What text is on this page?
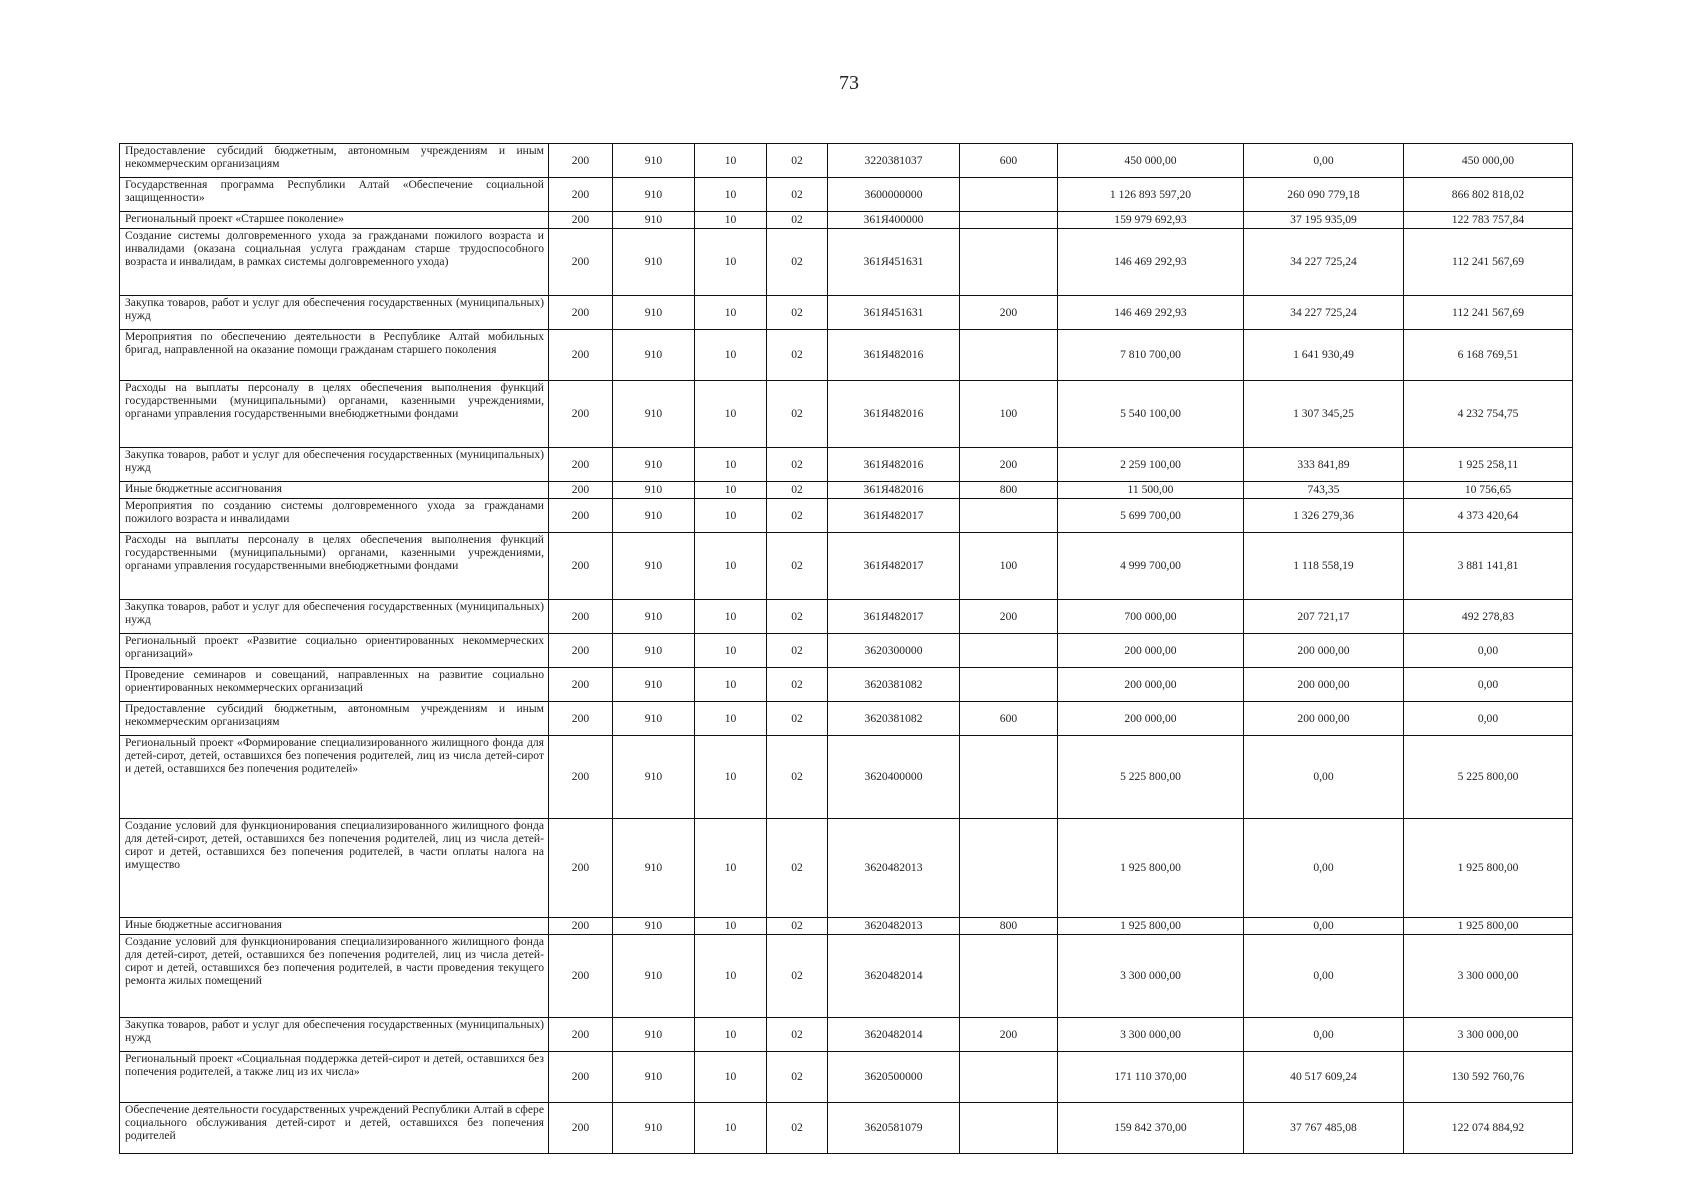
73
Предоставление субсидий бюджетным, автономным учреждениям и иным некоммерческим организациям	200	910	10	02	3220381037	600	450 000,00	0,00	450 000,00
Государственная программа Республики Алтай «Обеспечение социальной защищенности»	200	910	10	02	3600000000		1 126 893 597,20	260 090 779,18	866 802 818,02
Региональный проект «Старшее поколение»	200	910	10	02	361Я400000		159 979 692,93	37 195 935,09	122 783 757,84
Создание системы долговременного ухода за гражданами пожилого возраста и инвалидами (оказана социальная услуга гражданам старше трудоспособного возраста и инвалидам, в рамках системы долговременного ухода)	200	910	10	02	361Я451631		146 469 292,93	34 227 725,24	112 241 567,69
Закупка товаров, работ и услуг для обеспечения государственных (муниципальных) нужд	200	910	10	02	361Я451631	200	146 469 292,93	34 227 725,24	112 241 567,69
Мероприятия по обеспечению деятельности в Республике Алтай мобильных бригад, направленной на оказание помощи гражданам старшего поколения	200	910	10	02	361Я482016		7 810 700,00	1 641 930,49	6 168 769,51
Расходы на выплаты персоналу в целях обеспечения выполнения функций государственными (муниципальными) органами, казенными учреждениями, органами управления государственными внебюджетными фондами	200	910	10	02	361Я482016	100	5 540 100,00	1 307 345,25	4 232 754,75
Закупка товаров, работ и услуг для обеспечения государственных (муниципальных) нужд	200	910	10	02	361Я482016	200	2 259 100,00	333 841,89	1 925 258,11
Иные бюджетные ассигнования	200	910	10	02	361Я482016	800	11 500,00	743,35	10 756,65
Мероприятия по созданию системы долговременного ухода за гражданами пожилого возраста и инвалидами	200	910	10	02	361Я482017		5 699 700,00	1 326 279,36	4 373 420,64
Расходы на выплаты персоналу в целях обеспечения выполнения функций государственными (муниципальными) органами, казенными учреждениями, органами управления государственными внебюджетными фондами	200	910	10	02	361Я482017	100	4 999 700,00	1 118 558,19	3 881 141,81
Закупка товаров, работ и услуг для обеспечения государственных (муниципальных) нужд	200	910	10	02	361Я482017	200	700 000,00	207 721,17	492 278,83
Региональный проект «Развитие социально ориентированных некоммерческих организаций»	200	910	10	02	3620300000		200 000,00	200 000,00	0,00
Проведение семинаров и совещаний, направленных на развитие социально ориентированных некоммерческих организаций	200	910	10	02	3620381082		200 000,00	200 000,00	0,00
Предоставление субсидий бюджетным, автономным учреждениям и иным некоммерческим организациям	200	910	10	02	3620381082	600	200 000,00	200 000,00	0,00
Региональный проект «Формирование специализированного жилищного фонда для детей-сирот, детей, оставшихся без попечения родителей, лиц из числа детей-сирот и детей, оставшихся без попечения родителей»	200	910	10	02	3620400000		5 225 800,00	0,00	5 225 800,00
Создание условий для функционирования специализированного жилищного фонда для детей-сирот, детей, оставшихся без попечения родителей, лиц из числа детей-сирот и детей, оставшихся без попечения родителей, в части оплаты налога на имущество	200	910	10	02	3620482013		1 925 800,00	0,00	1 925 800,00
Иные бюджетные ассигнования	200	910	10	02	3620482013	800	1 925 800,00	0,00	1 925 800,00
Создание условий для функционирования специализированного жилищного фонда для детей-сирот, детей, оставшихся без попечения родителей, лиц из числа детей-сирот и детей, оставшихся без попечения родителей, в части проведения текущего ремонта жилых помещений	200	910	10	02	3620482014		3 300 000,00	0,00	3 300 000,00
Закупка товаров, работ и услуг для обеспечения государственных (муниципальных) нужд	200	910	10	02	3620482014	200	3 300 000,00	0,00	3 300 000,00
Региональный проект «Социальная поддержка детей-сирот и детей, оставшихся без попечения родителей, а также лиц из их числа»	200	910	10	02	3620500000		171 110 370,00	40 517 609,24	130 592 760,76
Обеспечение деятельности государственных учреждений Республики Алтай в сфере социального обслуживания детей-сирот и детей, оставшихся без попечения родителей	200	910	10	02	3620581079		159 842 370,00	37 767 485,08	122 074 884,92
